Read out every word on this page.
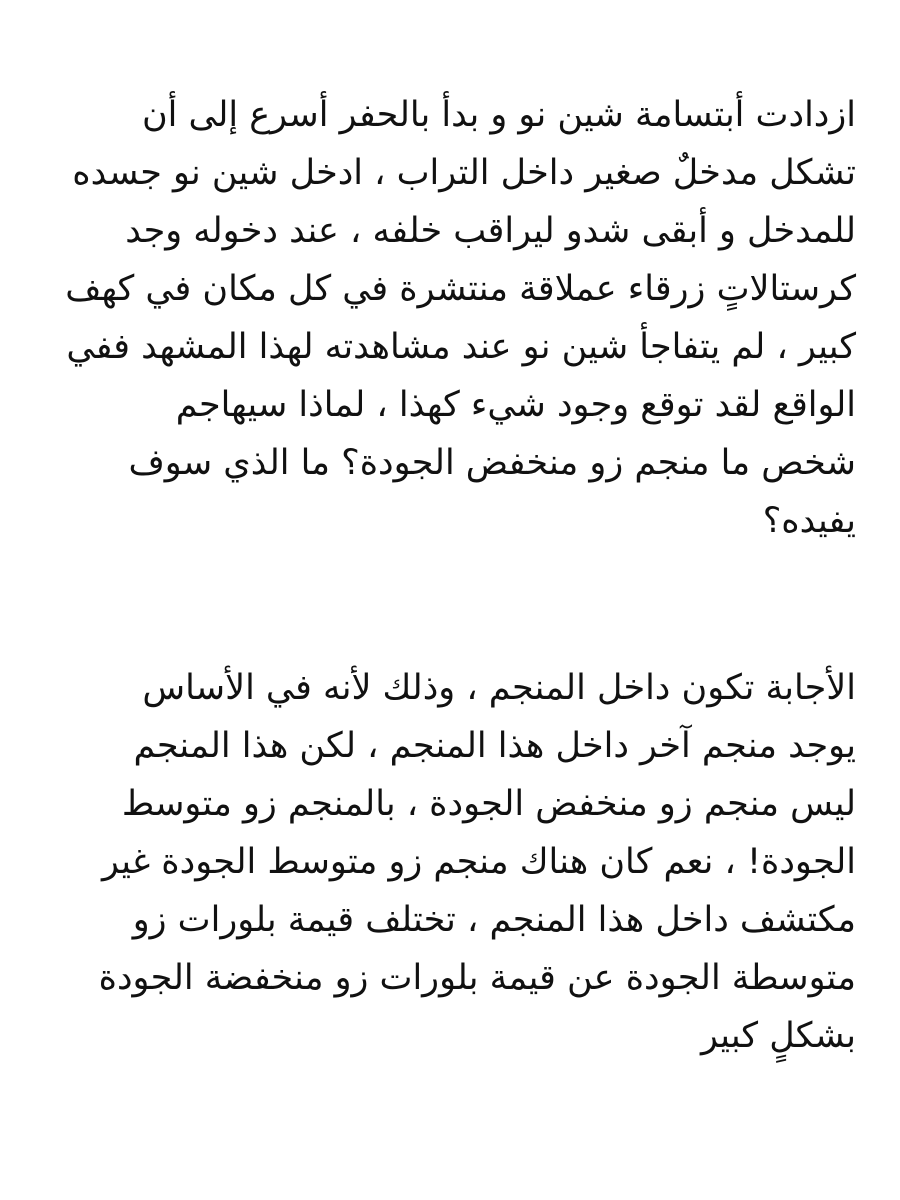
ازدادت أبتسامة شين نو و بدأ بالحفر أسرع إلى أن
تشكل مدخلٌ صغير داخل التراب ، ادخل شين نو جسده
للمدخل و أبقى شدو ليراقب خلفه ، عند دخوله وجد
كرستالاتٍ زرقاء عملاقة منتشرة في كل مكان في كهف
كبير ، لم يتفاجأ شين نو عند مشاهدته لهذا المشهد ففي
الواقع لقد توقع وجود شيء كهذا ، لماذا سيهاجم
شخص ما منجم زو منخفض الجودة؟ ما الذي سوف
يفيده؟

الأجابة تكون داخل المنجم ، وذلك لأنه في الأساس
يوجد منجم آخر داخل هذا المنجم ، لكن هذا المنجم
ليس منجم زو منخفض الجودة ، بالمنجم زو متوسط
الجودة! ، نعم كان هناك منجم زو متوسط الجودة غير
مكتشف داخل هذا المنجم ، تختلف قيمة بلورات زو
متوسطة الجودة عن قيمة بلورات زو منخفضة الجودة
بشكلٍ كبير
